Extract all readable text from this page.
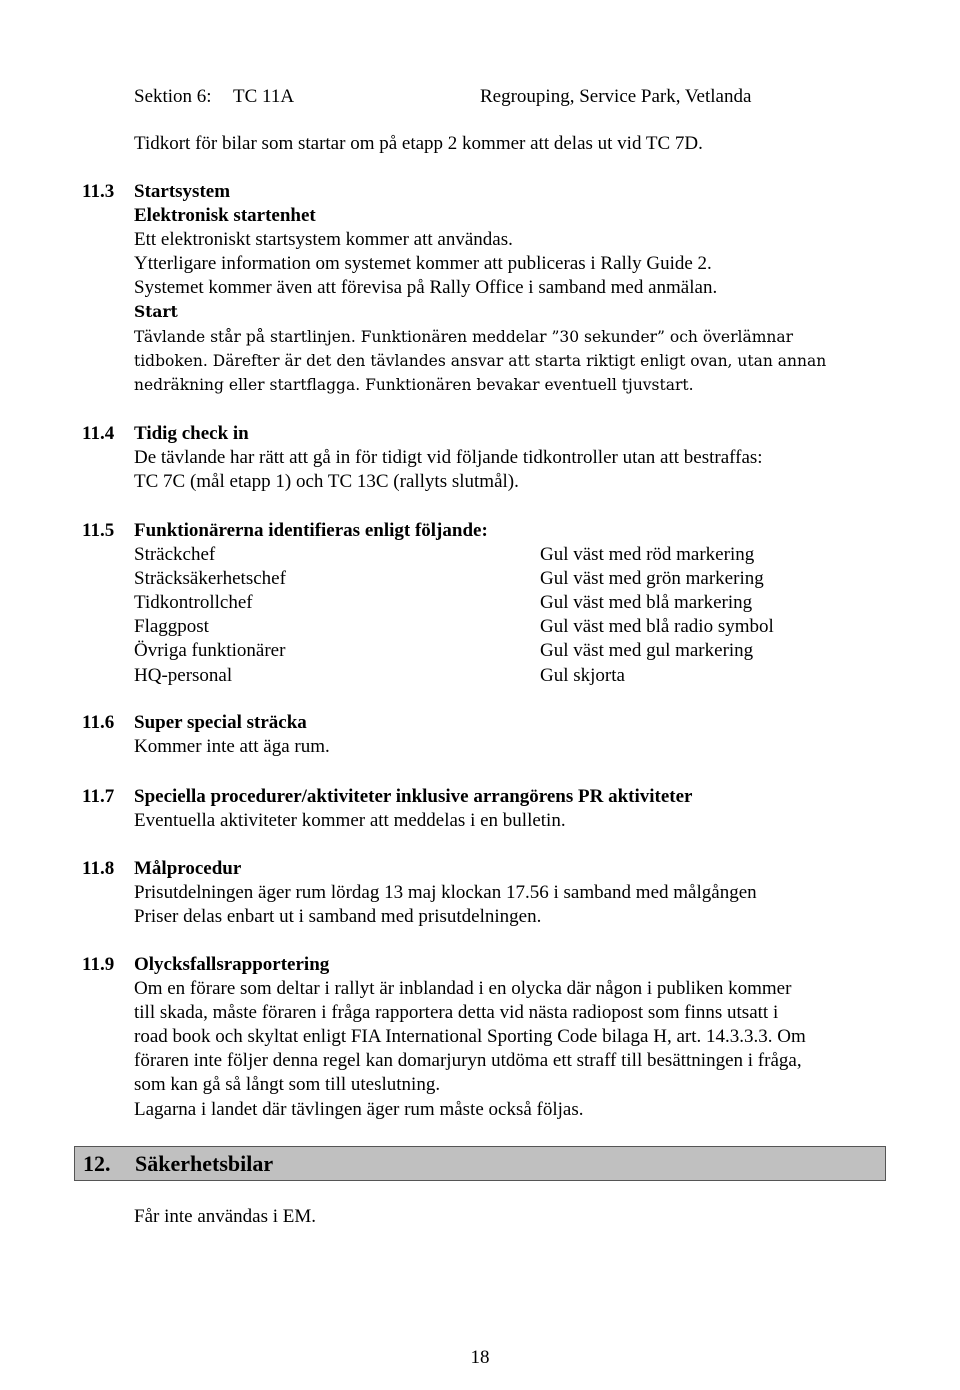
Sektion 6: TC 11A	Regrouping, Service Park, Vetlanda
Tidkort för bilar som startar om på etapp 2 kommer att delas ut vid TC 7D.
11.3 Startsystem
Elektronisk startenhet
Ett elektroniskt startsystem kommer att användas.
Ytterligare information om systemet kommer att publiceras i Rally Guide 2.
Systemet kommer även att förevisa på Rally Office i samband med anmälan.
Start
Tävlande står på startlinjen. Funktionären meddelar ”30 sekunder” och överlämnar
tidboken. Därefter är det den tävlandes ansvar att starta riktigt enligt ovan, utan annan
nedräkning eller startflagga. Funktionären bevakar eventuell tjuvstart.
11.4 Tidig check in
De tävlande har rätt att gå in för tidigt vid följande tidkontroller utan att bestraffas:
TC 7C (mål etapp 1) och TC 13C (rallyts slutmål).
11.5 Funktionärerna identifieras enligt följande:
Sträckchef	Gul väst med röd markering
Sträcksäkerhetschef	Gul väst med grön markering
Tidkontrollchef	Gul väst med blå markering
Flaggpost	Gul väst med blå radio symbol
Övriga funktionärer	Gul väst med gul markering
HQ-personal	Gul skjorta
11.6 Super special sträcka
Kommer inte att äga rum.
11.7 Speciella procedurer/aktiviteter inklusive arrangörens PR aktiviteter
Eventuella aktiviteter kommer att meddelas i en bulletin.
11.8 Målprocedur
Prisutdelningen äger rum lördag 13 maj klockan 17.56 i samband med målgången
Priser delas enbart ut i samband med prisutdelningen.
11.9 Olycksfallsrapportering
Om en förare som deltar i rallyt är inblandad i en olycka där någon i publiken kommer
till skada, måste föraren i fråga rapportera detta vid nästa radiopost som finns utsatt i
road book och skyltat enligt FIA International Sporting Code bilaga H, art. 14.3.3.3. Om
föraren inte följer denna regel kan domarjuryn utdöma ett straff till besättningen i fråga,
som kan gå så långt som till uteslutning.
Lagarna i landet där tävlingen äger rum måste också följas.
12. Säkerhetsbilar
Får inte användas i EM.
18
